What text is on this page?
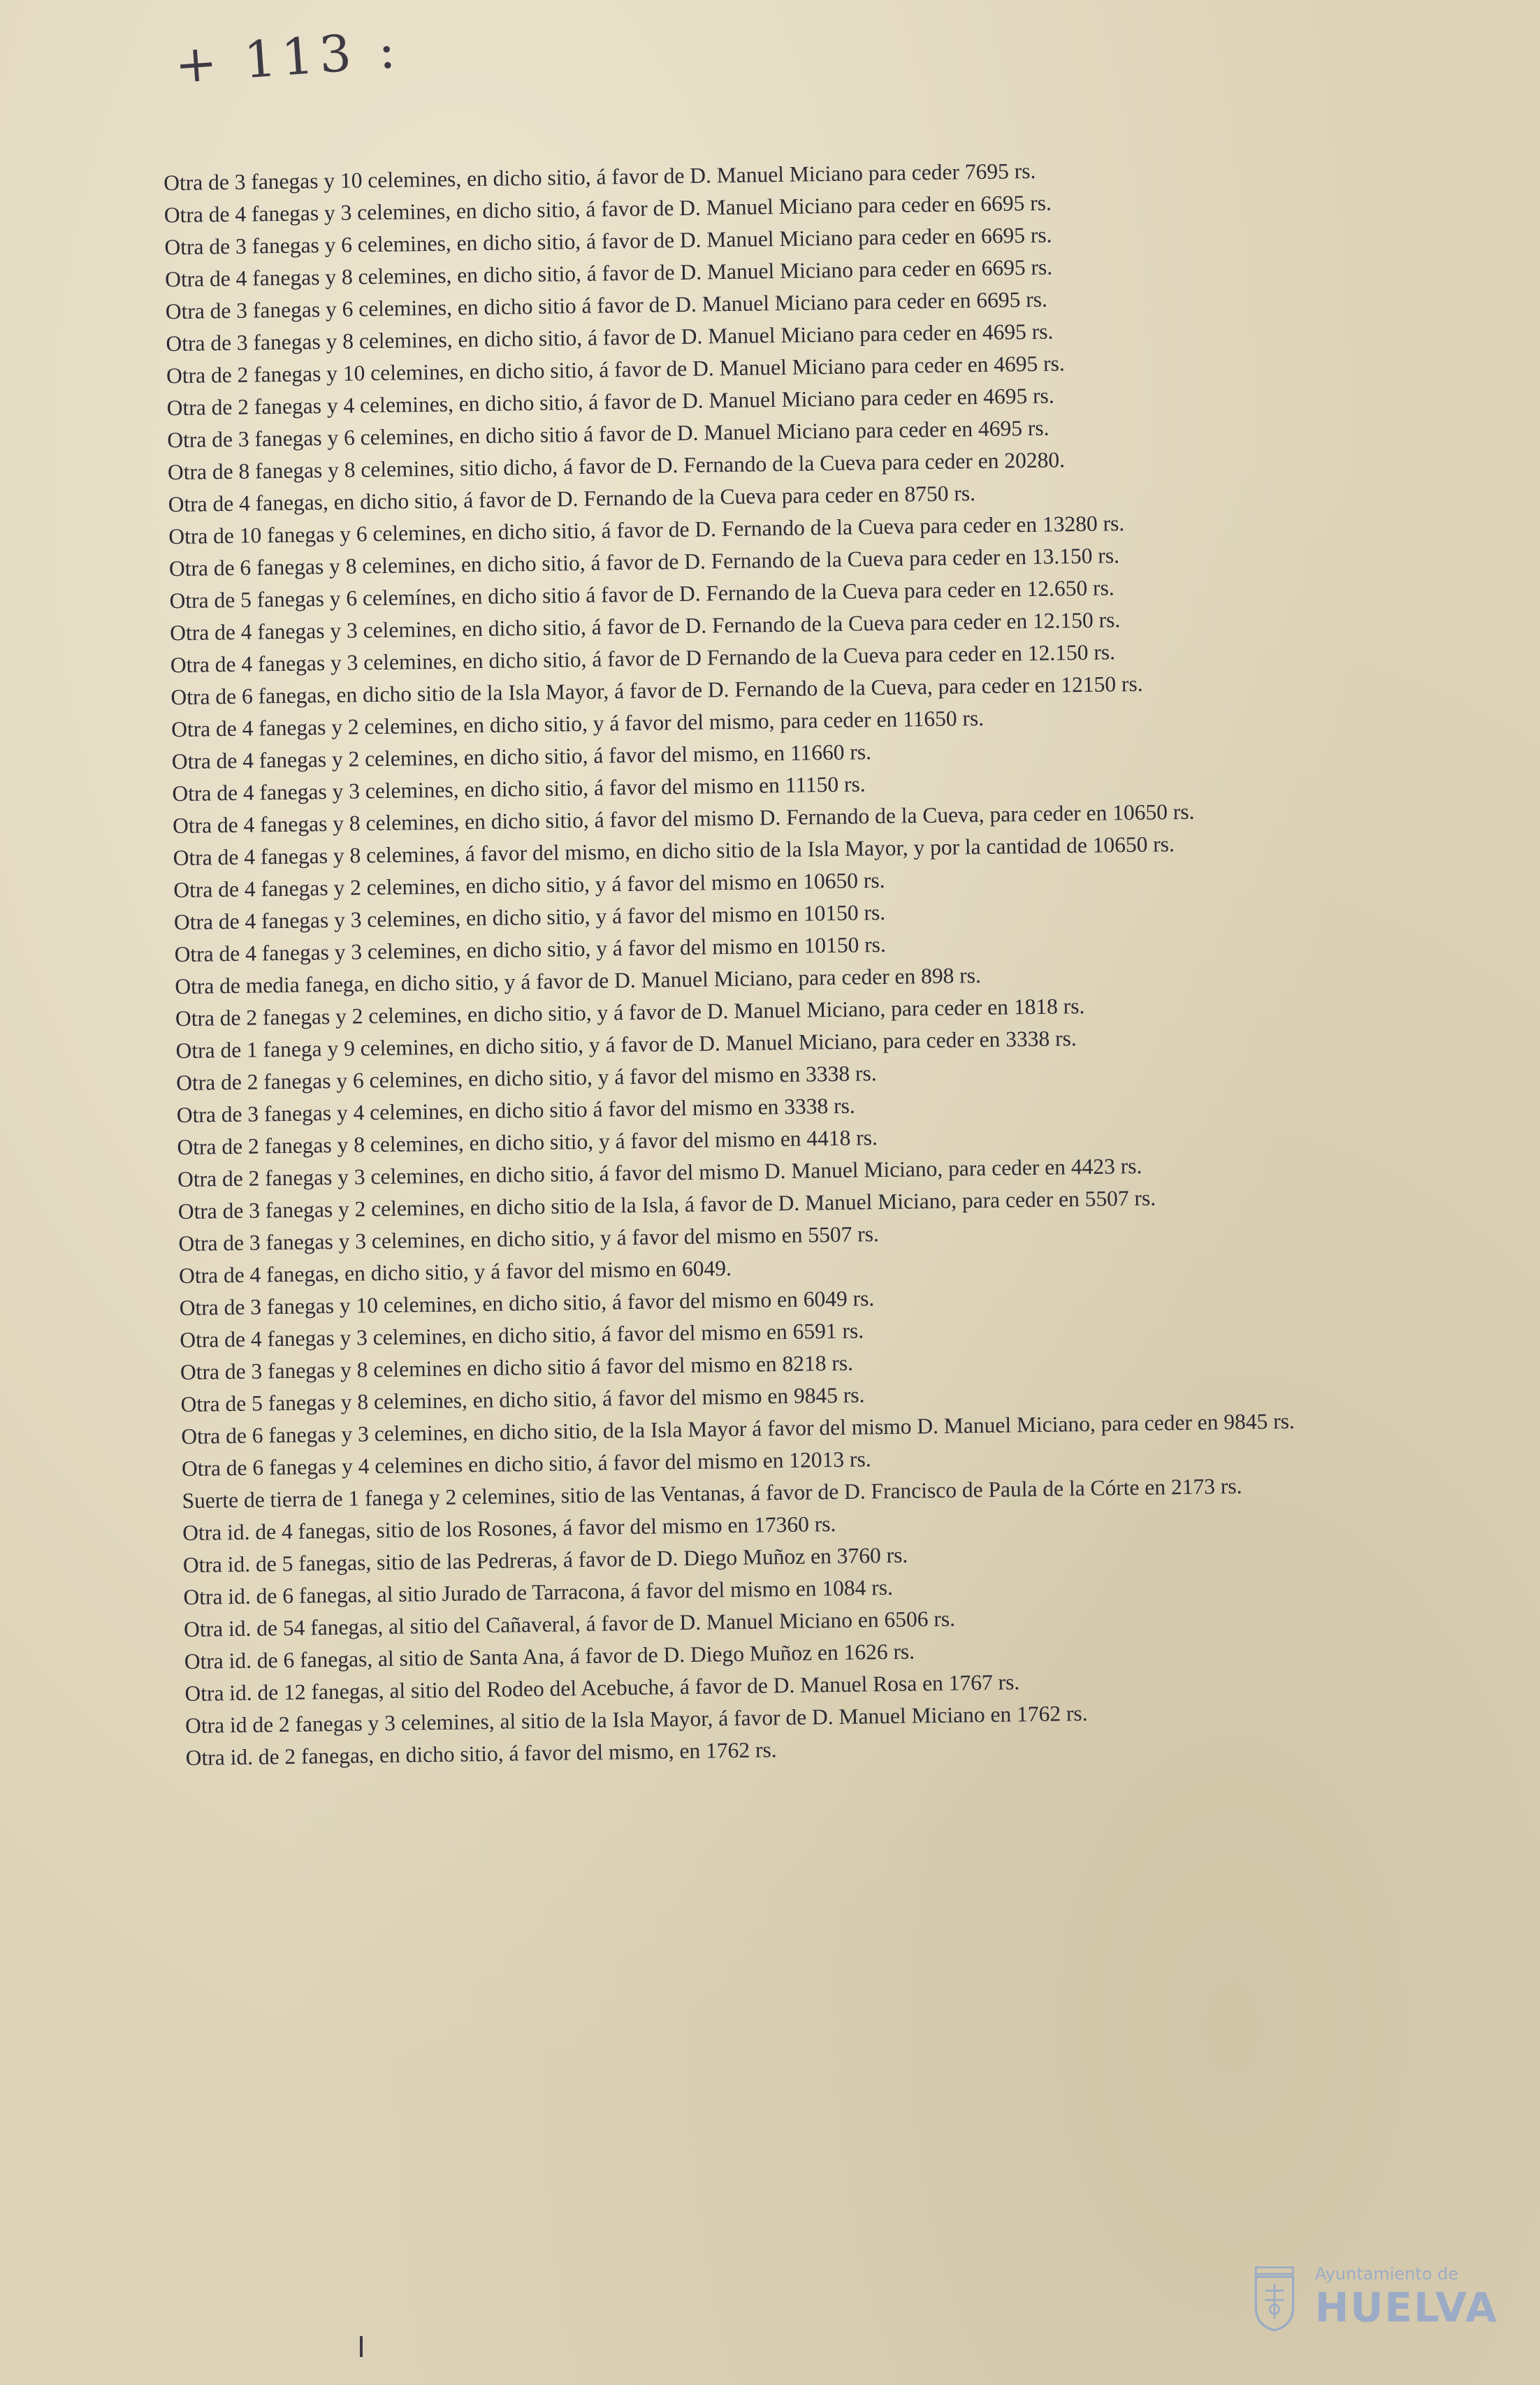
+ 113 :

Otra de 3 fanegas y 10 celemines, en dicho sitio, á favor de D. Manuel Miciano para ceder 7695 rs.

Otra de 4 fanegas y 3 celemines, en dicho sitio, á favor de D. Manuel Miciano para ceder en 6695 rs.

Otra de 3 fanegas y 6 celemines, en dicho sitio, á favor de D. Manuel Miciano para ceder en 6695 rs.

Otra de 4 fanegas y 8 celemines, en dicho sitio, á favor de D. Manuel Miciano para ceder en 6695 rs.

Otra de 3 fanegas y 6 celemines, en dicho sitio á favor de D. Manuel Miciano para ceder en 6695 rs.

Otra de 3 fanegas y 8 celemines, en dicho sitio, á favor de D. Manuel Miciano para ceder en 4695 rs.

Otra de 2 fanegas y 10 celemines, en dicho sitio, á favor de D. Manuel Miciano para ceder en 4695 rs.

Otra de 2 fanegas y 4 celemines, en dicho sitio, á favor de D. Manuel Miciano para ceder en 4695 rs.

Otra de 3 fanegas y 6 celemines, en dicho sitio á favor de D. Manuel Miciano para ceder en 4695 rs.

Otra de 8 fanegas y 8 celemines, sitio dicho, á favor de D. Fernando de la Cueva para ceder en 20280.

Otra de 4 fanegas, en dicho sitio, á favor de D. Fernando de la Cueva para ceder en 8750 rs.

Otra de 10 fanegas y 6 celemines, en dicho sitio, á favor de D. Fernando de la Cueva para ceder en 13280 rs.

Otra de 6 fanegas y 8 celemines, en dicho sitio, á favor de D. Fernando de la Cueva para ceder en 13.150 rs.

Otra de 5 fanegas y 6 celemínes, en dicho sitio á favor de D. Fernando de la Cueva para ceder en 12.650 rs.

Otra de 4 fanegas y 3 celemines, en dicho sitio, á favor de D. Fernando de la Cueva para ceder en 12.150 rs.

Otra de 4 fanegas y 3 celemines, en dicho sitio, á favor de D Fernando de la Cueva para ceder en 12.150 rs.

Otra de 6 fanegas, en dicho sitio de la Isla Mayor, á favor de D. Fernando de la Cueva, para ceder en 12150 rs.

Otra de 4 fanegas y 2 celemines, en dicho sitio, y á favor del mismo, para ceder en 11650 rs.

Otra de 4 fanegas y 2 celemines, en dicho sitio, á favor del mismo, en 11660 rs.

Otra de 4 fanegas y 3 celemines, en dicho sitio, á favor del mismo en 11150 rs.

Otra de 4 fanegas y 8 celemines, en dicho sitio, á favor del mismo D. Fernando de la Cueva, para ceder en 10650 rs.

Otra de 4 fanegas y 8 celemines, á favor del mismo, en dicho sitio de la Isla Mayor, y por la cantidad de 10650 rs.

Otra de 4 fanegas y 2 celemines, en dicho sitio, y á favor del mismo en 10650 rs.

Otra de 4 fanegas y 3 celemines, en dicho sitio, y á favor del mismo en 10150 rs.

Otra de 4 fanegas y 3 celemines, en dicho sitio, y á favor del mismo en 10150 rs.

Otra de media fanega, en dicho sitio, y á favor de D. Manuel Miciano, para ceder en 898 rs.

Otra de 2 fanegas y 2 celemines, en dicho sitio, y á favor de D. Manuel Miciano, para ceder en 1818 rs.

Otra de 1 fanega y 9 celemines, en dicho sitio, y á favor de D. Manuel Miciano, para ceder en 3338 rs.

Otra de 2 fanegas y 6 celemines, en dicho sitio, y á favor del mismo en 3338 rs.

Otra de 3 fanegas y 4 celemines, en dicho sitio á favor del mismo en 3338 rs.

Otra de 2 fanegas y 8 celemines, en dicho sitio, y á favor del mismo en 4418 rs.

Otra de 2 fanegas y 3 celemines, en dicho sitio, á favor del mismo D. Manuel Miciano, para ceder en 4423 rs.

Otra de 3 fanegas y 2 celemines, en dicho sitio de la Isla, á favor de D. Manuel Miciano, para ceder en 5507 rs.

Otra de 3 fanegas y 3 celemines, en dicho sitio, y á favor del mismo en 5507 rs.

Otra de 4 fanegas, en dicho sitio, y á favor del mismo en 6049.

Otra de 3 fanegas y 10 celemines, en dicho sitio, á favor del mismo en 6049 rs.

Otra de 4 fanegas y 3 celemines, en dicho sitio, á favor del mismo en 6591 rs.

Otra de 3 fanegas y 8 celemines en dicho sitio á favor del mismo en 8218 rs.

Otra de 5 fanegas y 8 celemines, en dicho sitio, á favor del mismo en 9845 rs.

Otra de 6 fanegas y 3 celemines, en dicho sitio, de la Isla Mayor á favor del mismo D. Manuel Miciano, para ceder en 9845 rs.

Otra de 6 fanegas y 4 celemines en dicho sitio, á favor del mismo en 12013 rs.

Suerte de tierra de 1 fanega y 2 celemines, sitio de las Ventanas, á favor de D. Francisco de Paula de la Córte en 2173 rs.

Otra id. de 4 fanegas, sitio de los Rosones, á favor del mismo en 17360 rs.

Otra id. de 5 fanegas, sitio de las Pedreras, á favor de D. Diego Muñoz en 3760 rs.

Otra id. de 6 fanegas, al sitio Jurado de Tarracona, á favor del mismo en 1084 rs.

Otra id. de 54 fanegas, al sitio del Cañaveral, á favor de D. Manuel Miciano en 6506 rs.

Otra id. de 6 fanegas, al sitio de Santa Ana, á favor de D. Diego Muñoz en 1626 rs.

Otra id. de 12 fanegas, al sitio del Rodeo del Acebuche, á favor de D. Manuel Rosa en 1767 rs.

Otra id de 2 fanegas y 3 celemines, al sitio de la Isla Mayor, á favor de D. Manuel Miciano en 1762 rs.

Otra id. de 2 fanegas, en dicho sitio, á favor del mismo, en 1762 rs.

Ayuntamiento de
HUELVA
